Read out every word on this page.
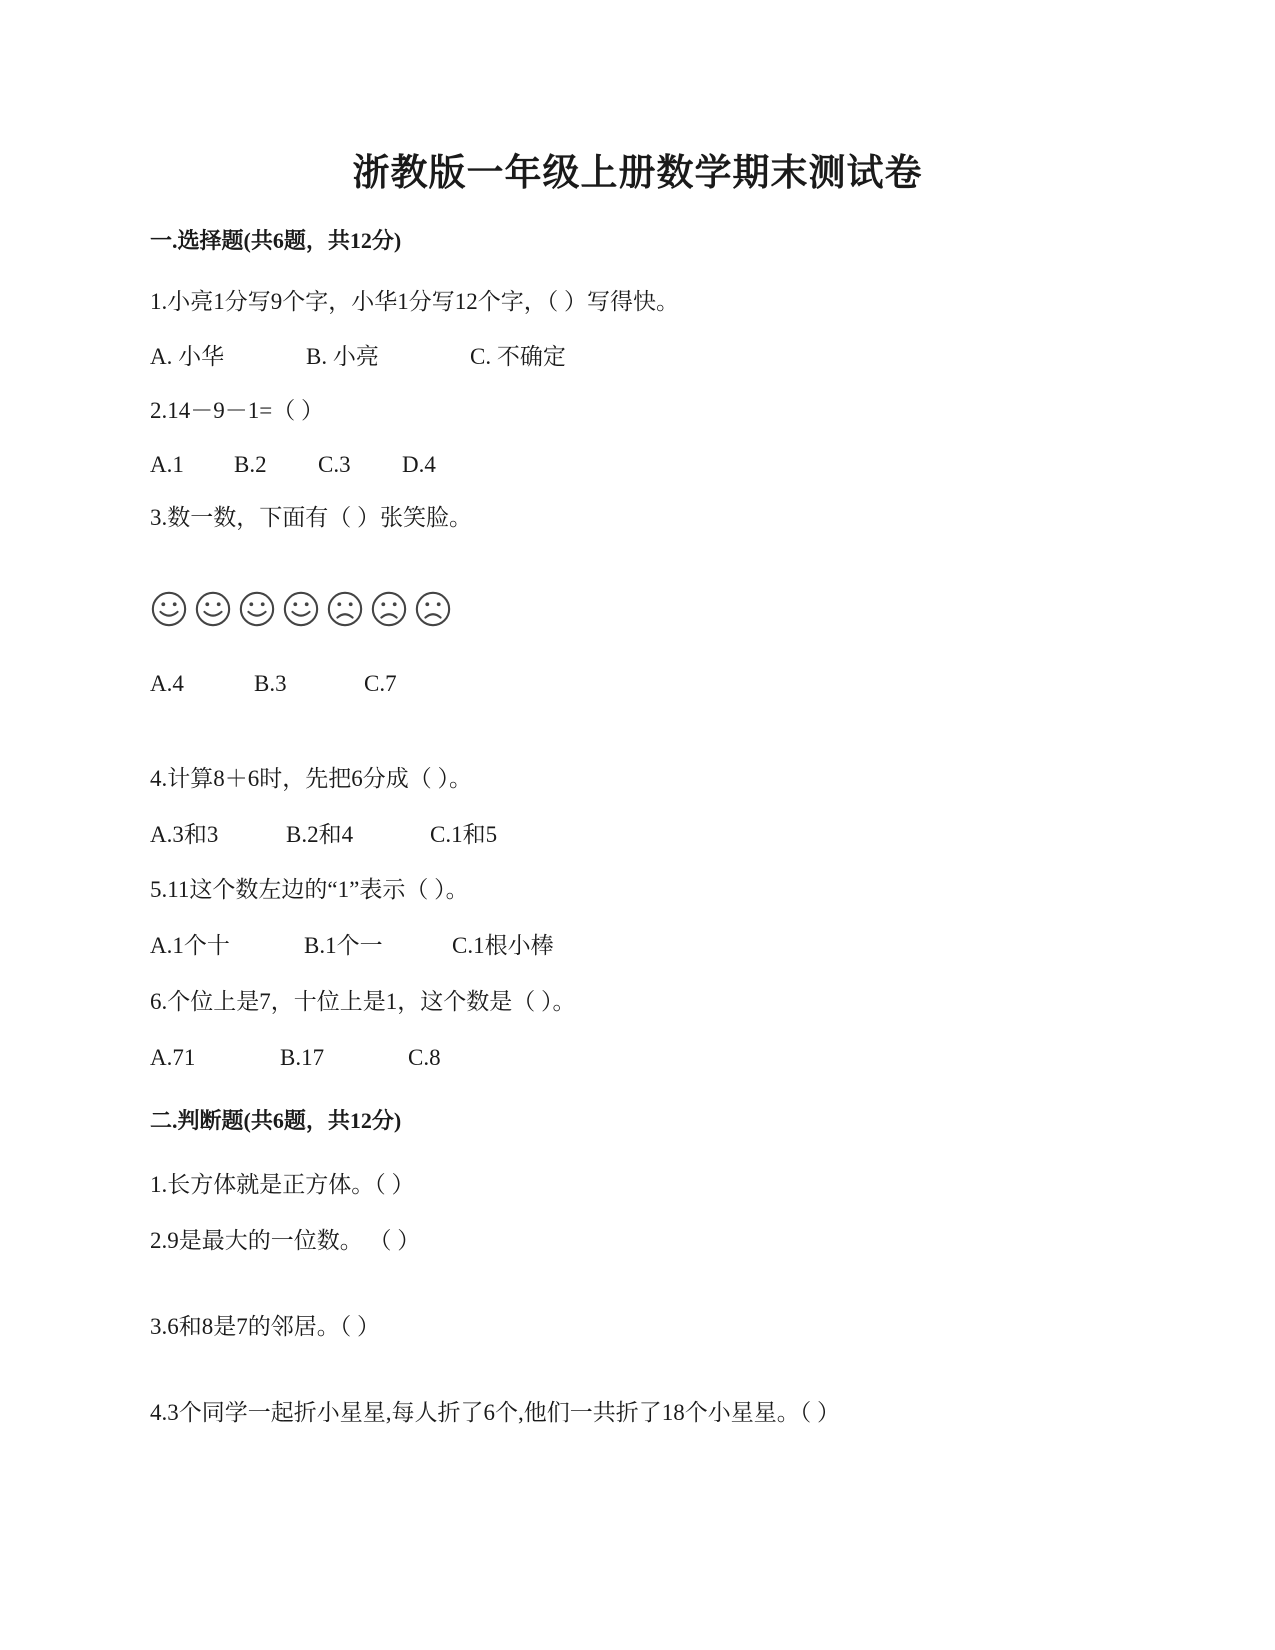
浙教版一年级上册数学期末测试卷
一.选择题(共6题，共12分)
1.小亮1分写9个字，小华1分写12个字，（ ）写得快。
A. 小华	B. 小亮	C. 不确定
2.14－9－1=（ ）
A.1 B.2 C.3 D.4
3.数一数，下面有（ ）张笑脸。
A.4	B.3	C.7
4.计算8＋6时，先把6分成（ ）。
A.3和3	B.2和4	C.1和5
5.11这个数左边的“1”表示（ ）。
A.1个十	B.1个一	C.1根小棒
6.个位上是7，十位上是1，这个数是（ ）。
A.71	B.17	C.8
二.判断题(共6题，共12分)
1.长方体就是正方体。（ ）
2.9是最大的一位数。 （ ）
3.6和8是7的邻居。（ ）
4.3个同学一起折小星星,每人折了6个,他们一共折了18个小星星。（ ）
